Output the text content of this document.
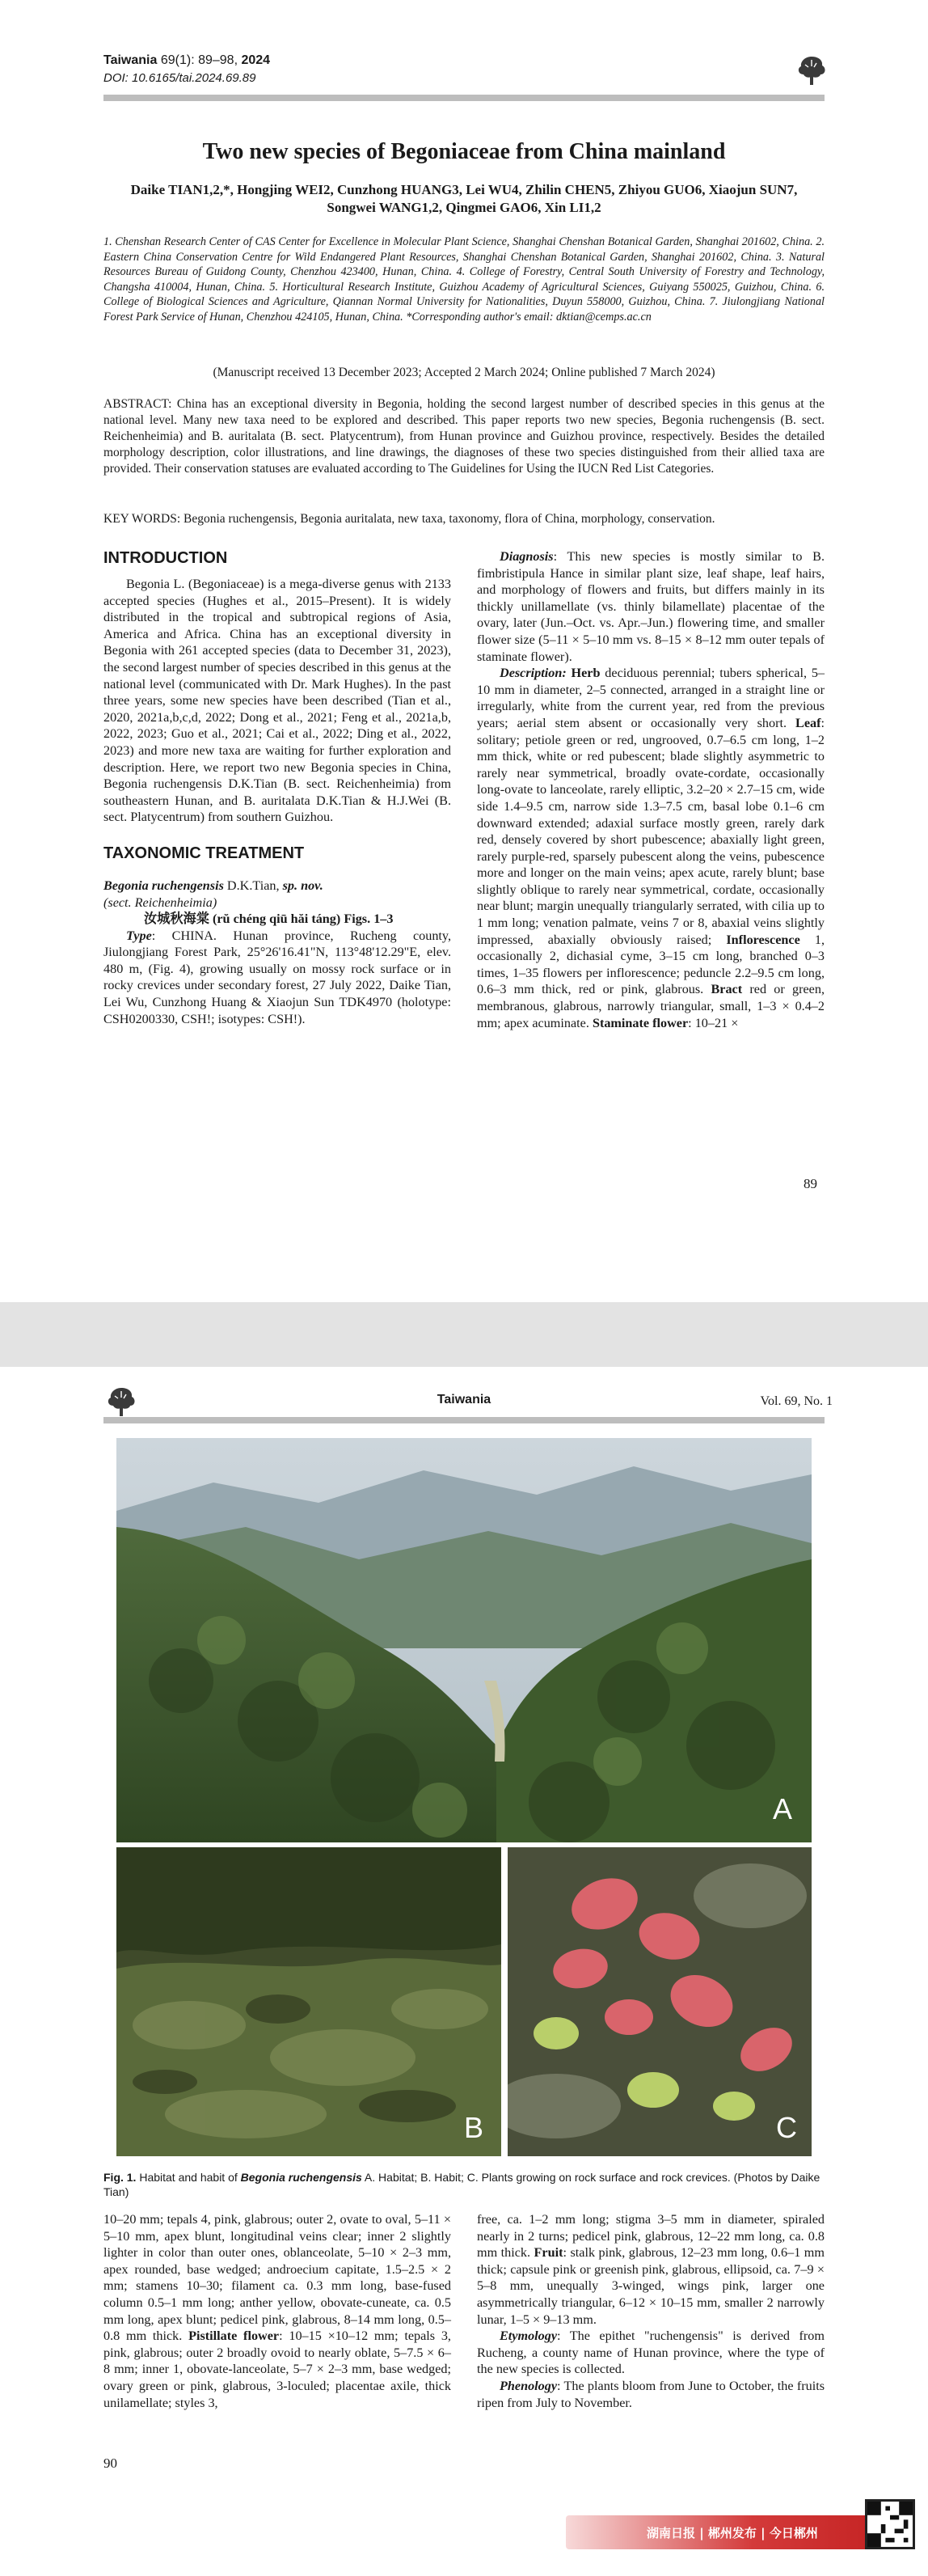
Taiwania 69(1): 89–98, 2024
DOI: 10.6165/tai.2024.69.89
Two new species of Begoniaceae from China mainland
Daike TIAN1,2,*, Hongjing WEI2, Cunzhong HUANG3, Lei WU4, Zhilin CHEN5, Zhiyou GUO6, Xiaojun SUN7,
Songwei WANG1,2, Qingmei GAO6, Xin LI1,2
1. Chenshan Research Center of CAS Center for Excellence in Molecular Plant Science, Shanghai Chenshan Botanical Garden, Shanghai 201602, China. 2. Eastern China Conservation Centre for Wild Endangered Plant Resources, Shanghai Chenshan Botanical Garden, Shanghai 201602, China. 3. Natural Resources Bureau of Guidong County, Chenzhou 423400, Hunan, China. 4. College of Forestry, Central South University of Forestry and Technology, Changsha 410004, Hunan, China. 5. Horticultural Research Institute, Guizhou Academy of Agricultural Sciences, Guiyang 550025, Guizhou, China. 6. College of Biological Sciences and Agriculture, Qiannan Normal University for Nationalities, Duyun 558000, Guizhou, China. 7. Jiulongjiang National Forest Park Service of Hunan, Chenzhou 424105, Hunan, China. *Corresponding author's email: dktian@cemps.ac.cn
(Manuscript received 13 December 2023; Accepted 2 March 2024; Online published 7 March 2024)
ABSTRACT: China has an exceptional diversity in Begonia, holding the second largest number of described species in this genus at the national level. Many new taxa need to be explored and described. This paper reports two new species, Begonia ruchengensis (B. sect. Reichenheimia) and B. auritalata (B. sect. Platycentrum), from Hunan province and Guizhou province, respectively. Besides the detailed morphology description, color illustrations, and line drawings, the diagnoses of these two species distinguished from their allied taxa are provided. Their conservation statuses are evaluated according to The Guidelines for Using the IUCN Red List Categories.
KEY WORDS: Begonia ruchengensis, Begonia auritalata, new taxa, taxonomy, flora of China, morphology, conservation.
INTRODUCTION

Begonia L. (Begoniaceae) is a mega-diverse genus with 2133 accepted species (Hughes et al., 2015–Present). It is widely distributed in the tropical and subtropical regions of Asia, America and Africa. China has an exceptional diversity in Begonia with 261 accepted species (data to December 31, 2023), the second largest number of species described in this genus at the national level (communicated with Dr. Mark Hughes). In the past three years, some new species have been described (Tian et al., 2020, 2021a,b,c,d, 2022; Dong et al., 2021; Feng et al., 2021a,b, 2022, 2023; Guo et al., 2021; Cai et al., 2022; Ding et al., 2022, 2023) and more new taxa are waiting for further exploration and description. Here, we report two new Begonia species in China, Begonia ruchengensis D.K.Tian (B. sect. Reichenheimia) from southeastern Hunan, and B. auritalata D.K.Tian & H.J.Wei (B. sect. Platycentrum) from southern Guizhou.

TAXONOMIC TREATMENT

Begonia ruchengensis D.K.Tian, sp. nov.

(sect. Reichenheimia)

汝城秋海棠 (rŭ chéng qiū hăi táng) Figs. 1–3

Type: CHINA. Hunan province, Rucheng county, Jiulongjiang Forest Park, 25°26'16.41"N, 113°48'12.29"E, elev. 480 m, (Fig. 4), growing usually on mossy rock surface or in rocky crevices under secondary forest, 27 July 2022, Daike Tian, Lei Wu, Cunzhong Huang & Xiaojun Sun TDK4970 (holotype: CSH0200330, CSH!; isotypes: CSH!).

Diagnosis: This new species is mostly similar to B. fimbristipula Hance in similar plant size, leaf shape, leaf hairs, and morphology of flowers and fruits, but differs mainly in its thickly unillamellate (vs. thinly bilamellate) placentae of the ovary, later (Jun.–Oct. vs. Apr.–Jun.) flowering time, and smaller flower size (5–11 × 5–10 mm vs. 8–15 × 8–12 mm outer tepals of staminate flower).

Description: Herb deciduous perennial; tubers spherical, 5–10 mm in diameter, 2–5 connected, arranged in a straight line or irregularly, white from the current year, red from the previous years; aerial stem absent or occasionally very short. Leaf: solitary; petiole green or red, ungrooved, 0.7–6.5 cm long, 1–2 mm thick, white or red pubescent; blade slightly asymmetric to rarely near symmetrical, broadly ovate-cordate, occasionally long-ovate to lanceolate, rarely elliptic, 3.2–20 × 2.7–15 cm, wide side 1.4–9.5 cm, narrow side 1.3–7.5 cm, basal lobe 0.1–6 cm downward extended; adaxial surface mostly green, rarely dark red, densely covered by short pubescence; abaxially light green, rarely purple-red, sparsely pubescent along the veins, pubescence more and longer on the main veins; apex acute, rarely blunt; base slightly oblique to rarely near symmetrical, cordate, occasionally near blunt; margin unequally triangularly serrated, with cilia up to 1 mm long; venation palmate, veins 7 or 8, abaxial veins slightly impressed, abaxially obviously raised; Inflorescence 1, occasionally 2, dichasial cyme, 3–15 cm long, branched 0–3 times, 1–35 flowers per inflorescence; peduncle 2.2–9.5 cm long, 0.6–3 mm thick, red or pink, glabrous. Bract red or green, membranous, glabrous, narrowly triangular, small, 1–3 × 0.4–2 mm; apex acuminate. Staminate flower: 10–21 ×

89
Taiwania	Vol. 69, No. 1
A
B	C
Fig. 1. Habitat and habit of Begonia ruchengensis A. Habitat; B. Habit; C. Plants growing on rock surface and rock crevices. (Photos by Daike Tian)

10–20 mm; tepals 4, pink, glabrous; outer 2, ovate to oval, 5–11 × 5–10 mm, apex blunt, longitudinal veins clear; inner 2 slightly lighter in color than outer ones, oblanceolate, 5–10 × 2–3 mm, apex rounded, base wedged; androecium capitate, 1.5–2.5 × 2 mm; stamens 10–30; filament ca. 0.3 mm long, base-fused column 0.5–1 mm long; anther yellow, obovate-cuneate, ca. 0.5 mm long, apex blunt; pedicel pink, glabrous, 8–14 mm long, 0.5–0.8 mm thick. Pistillate flower: 10–15 ×10–12 mm; tepals 3, pink, glabrous; outer 2 broadly ovoid to nearly oblate, 5–7.5 × 6–8 mm; inner 1, obovate-lanceolate, 5–7 × 2–3 mm, base wedged; ovary green or pink, glabrous, 3-loculed; placentae axile, thick unilamellate; styles 3,

free, ca. 1–2 mm long; stigma 3–5 mm in diameter, spiraled nearly in 2 turns; pedicel pink, glabrous, 12–22 mm long, ca. 0.8 mm thick. Fruit: stalk pink, glabrous, 12–23 mm long, 0.6–1 mm thick; capsule pink or greenish pink, glabrous, ellipsoid, ca. 7–9 × 5–8 mm, unequally 3-winged, wings pink, larger one asymmetrically triangular, 6–12 × 10–15 mm, smaller 2 narrowly lunar, 1–5 × 9–13 mm.

Etymology: The epithet "ruchengensis" is derived from Rucheng, a county name of Hunan province, where the type of the new species is collected.

Phenology: The plants bloom from June to October, the fruits ripen from July to November.

90
湖南日报 | 郴州发布 | 今日郴州
